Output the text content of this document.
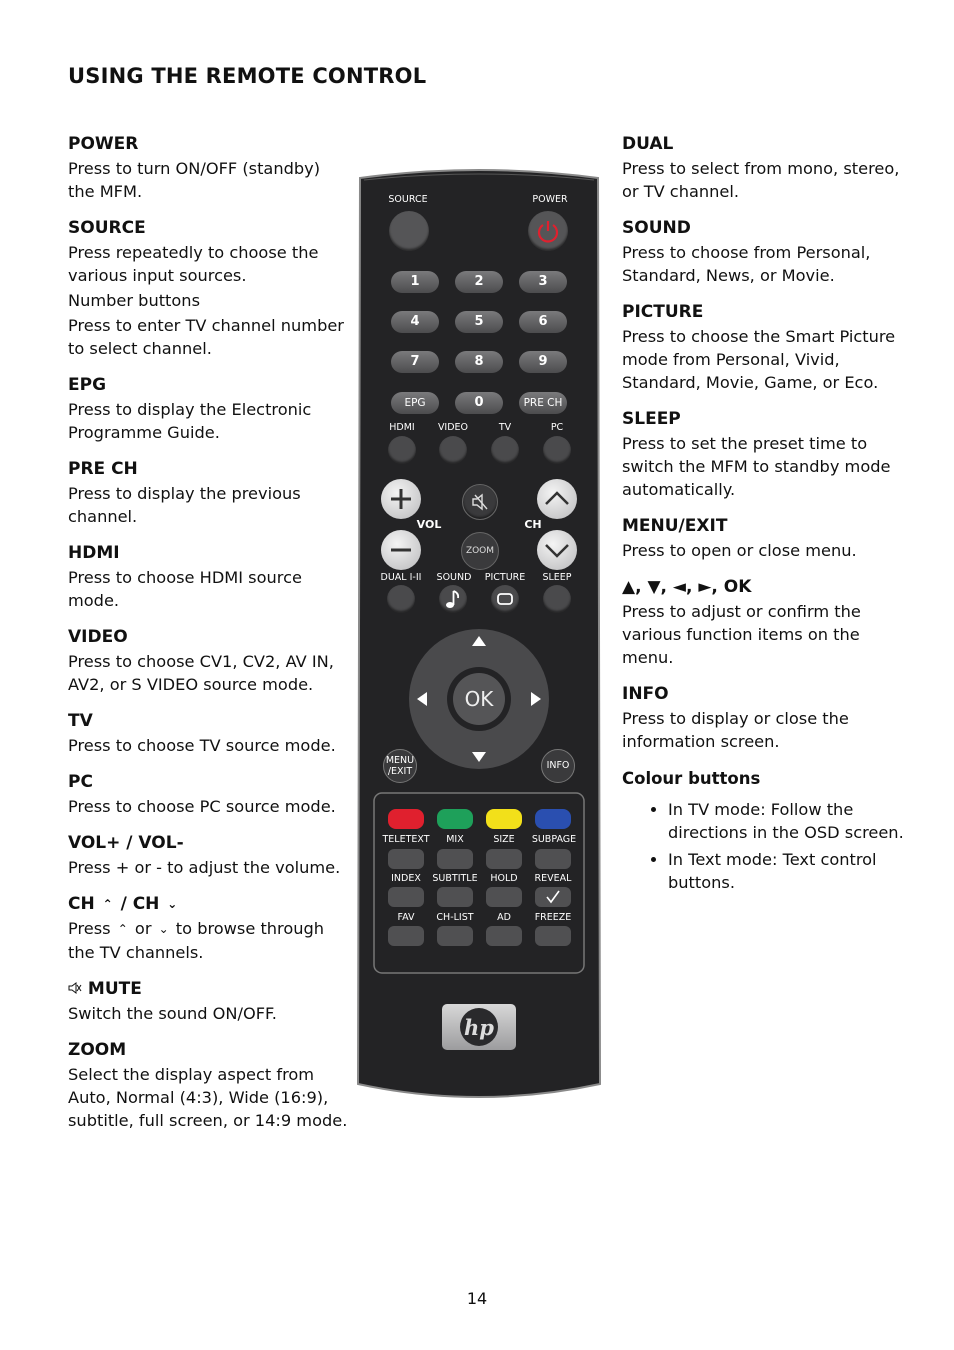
USING THE REMOTE CONTROL
POWER

Press to turn ON/OFF (standby) the MFM.

SOURCE

Press repeatedly to choose the various input sources.

Number buttons

Press to enter TV channel number to select channel.

EPG

Press to display the Electronic Programme Guide.

PRE CH

Press to display the previous channel.

HDMI

Press to choose HDMI source mode.

VIDEO

Press to choose CV1, CV2, AV IN, AV2, or S VIDEO source mode.

TV

Press to choose TV source mode.

PC

Press to choose PC source mode.

VOL+ / VOL-

Press + or - to adjust the volume.

CH ⌃ / CH ⌄

Press ⌃ or ⌄ to browse through the TV channels.

MUTE

Switch the sound ON/OFF.

ZOOM

Select the display aspect from Auto, Normal (4:3), Wide (16:9), subtitle, full screen, or 14:9 mode.

SOURCE	POWER
1	2	3
4	5	6
7	8	9
EPG	0	PRE CH
HDMI	VIDEO	TV	PC
VOL	CH
ZOOM
DUAL I-II	SOUND	PICTURE	SLEEP
OK
MENU
/EXIT
INFO
TELETEXT	MIX	SIZE	SUBPAGE
INDEX	SUBTITLE	HOLD	REVEAL
FAV	CH-LIST	AD	FREEZE
hp
DUAL

Press to select from mono, stereo, or TV channel.

SOUND

Press to choose from Personal, Standard, News, or Movie.

PICTURE

Press to choose the Smart Picture mode from Personal, Vivid, Standard, Movie, Game, or Eco.

SLEEP

Press to set the preset time to switch the MFM to standby mode automatically.

MENU/EXIT

Press to open or close menu.

▲, ▼, ◄, ►, OK

Press to adjust or confirm the various function items on the menu.

INFO

Press to display or close the information screen.

Colour buttons
• In TV mode: Follow the directions in the OSD screen.
• In Text mode: Text control buttons.
14
